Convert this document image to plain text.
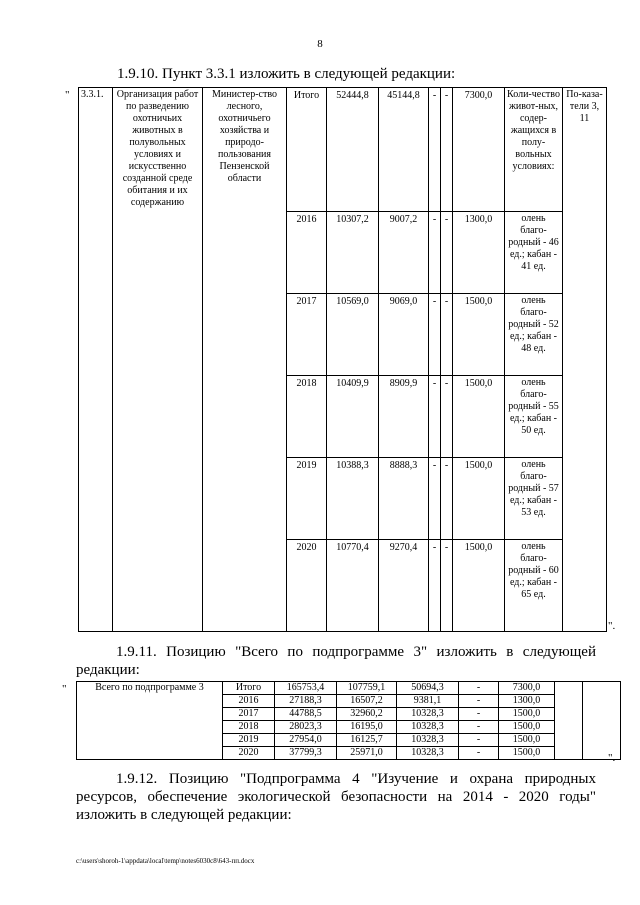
8
1.9.10. Пункт 3.3.1 изложить в следующей редакции:
" 3.3.1.	Организация работ по разведению охотничьих животных в полувольных условиях и искусственно созданной среде обитания и их содержанию	Министер-ство лесного, охотничьего хозяйства и природо-пользования Пензенской области	Итого	52444,8	45144,8	-	-	7300,0	Коли-чество живот-ных, содер-жащихся в полу-вольных условиях:	По-каза-тели 3, 11
			2016	10307,2	9007,2	-	-	1300,0	олень благо-родный - 46 ед.; кабан - 41 ед.	
			2017	10569,0	9069,0	-	-	1500,0	олень благо-родный - 52 ед.; кабан - 48 ед.	
			2018	10409,9	8909,9	-	-	1500,0	олень благо-родный - 55 ед.; кабан - 50 ед.	
			2019	10388,3	8888,3	-	-	1500,0	олень благо-родный - 57 ед.; кабан - 53 ед.	
			2020	10770,4	9270,4	-	-	1500,0	олень благо-родный - 60 ед.; кабан - 65 ед.	
".
1.9.11. Позицию "Всего по подпрограмме 3" изложить в следующей
редакции:
"	Всего по подпрограмме 3	Итого	165753,4	107759,1	50694,3	-	7300,0		
	2016	27188,3	16507,2	9381,1	-	1300,0		
	2017	44788,5	32960,2	10328,3	-	1500,0		
	2018	28023,3	16195,0	10328,3	-	1500,0		
	2019	27954,0	16125,7	10328,3	-	1500,0		
	2020	37799,3	25971,0	10328,3	-	1500,0			".
1.9.12. Позицию "Подпрограмма 4 "Изучение и охрана природных
ресурсов, обеспечение экологической безопасности на 2014 - 2020 годы"
изложить в следующей редакции:
c:\users\shoroh-1\appdata\local\temp\notes6030c8\643-пп.docx
